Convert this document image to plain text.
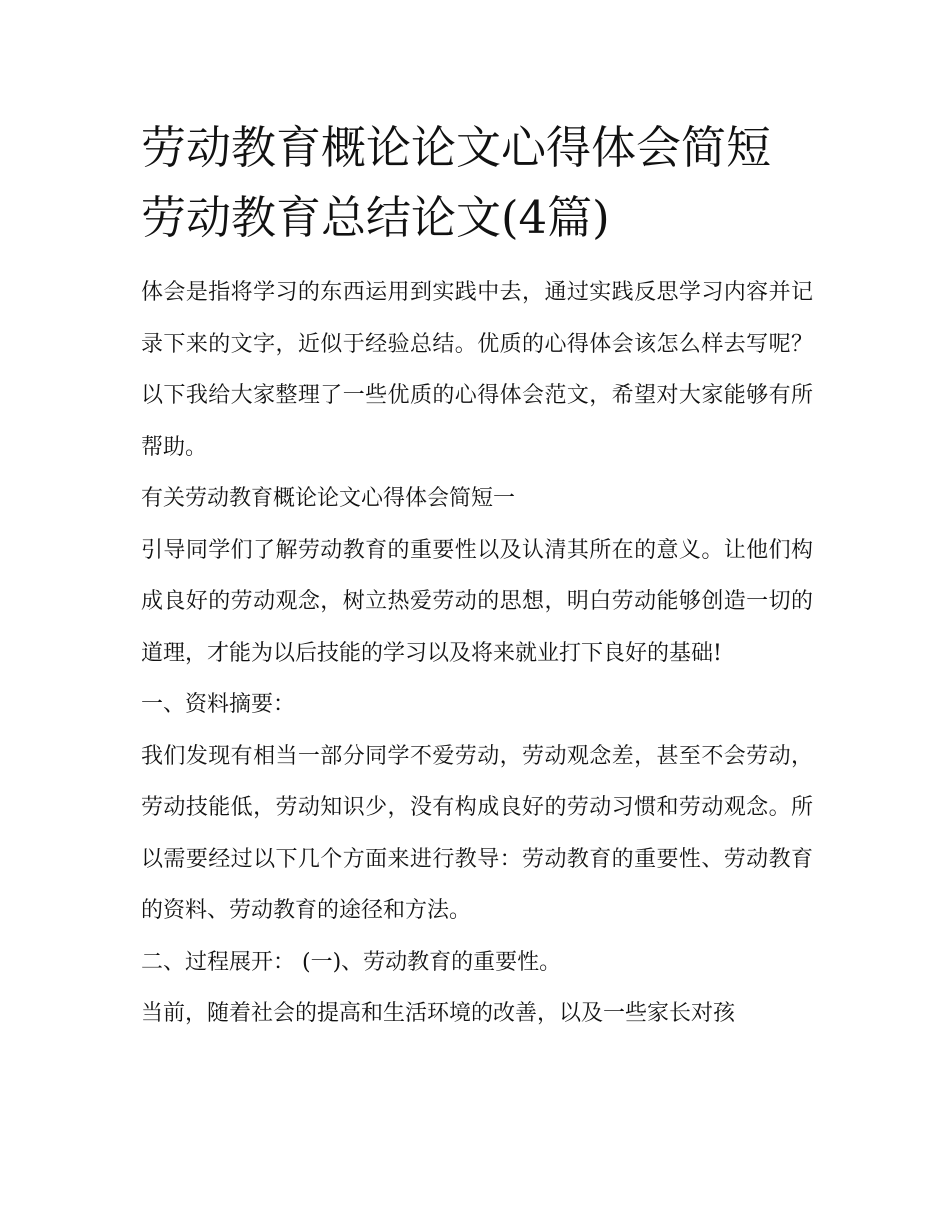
劳动教育概论论文心得体会简短 劳动教育总结论文(4篇)

体会是指将学习的东西运用到实践中去，通过实践反思学习内容并记录下来的文字，近似于经验总结。优质的心得体会该怎么样去写呢？以下我给大家整理了一些优质的心得体会范文，希望对大家能够有所帮助。

有关劳动教育概论论文心得体会简短一

引导同学们了解劳动教育的重要性以及认清其所在的意义。让他们构成良好的劳动观念，树立热爱劳动的思想，明白劳动能够创造一切的道理，才能为以后技能的学习以及将来就业打下良好的基础!

一、资料摘要：

我们发现有相当一部分同学不爱劳动，劳动观念差，甚至不会劳动，劳动技能低，劳动知识少，没有构成良好的劳动习惯和劳动观念。所以需要经过以下几个方面来进行教导：劳动教育的重要性、劳动教育的资料、劳动教育的途径和方法。

二、过程展开： (一)、劳动教育的重要性。

当前，随着社会的提高和生活环境的改善，以及一些家长对孩
